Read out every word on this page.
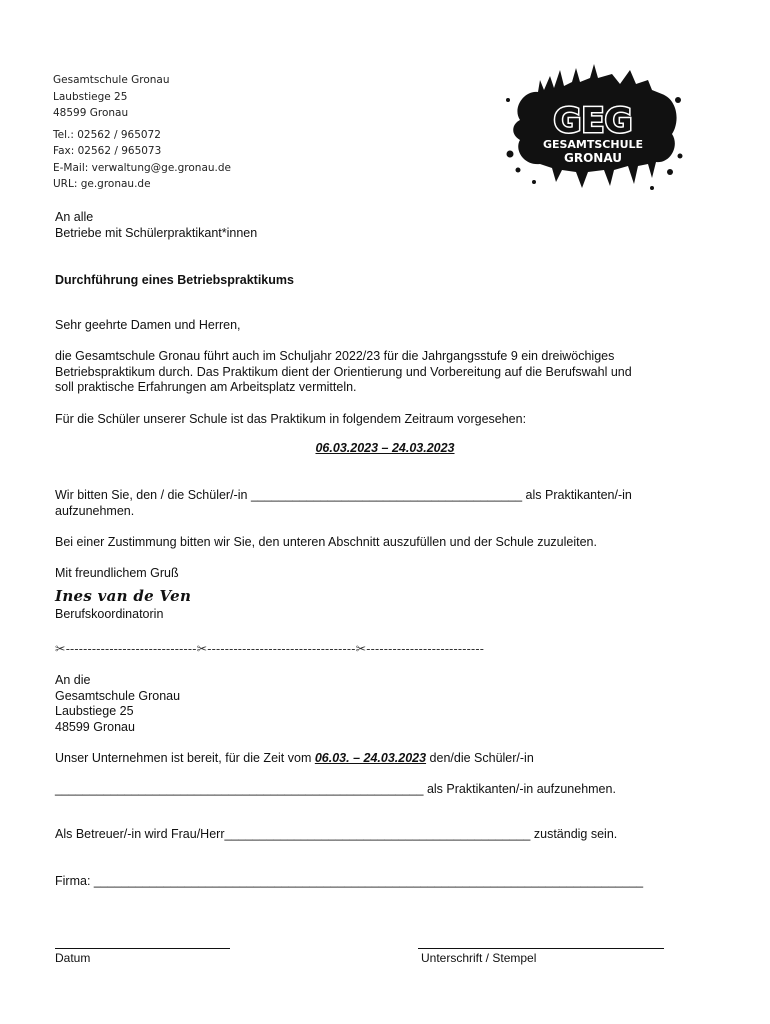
Gesamtschule Gronau
Laubstiege 25
48599 Gronau
Tel.: 02562 / 965072
Fax: 02562 / 965073
E-Mail: verwaltung@ge.gronau.de
URL: ge.gronau.de
GEG
GESAMTSCHULE
GRONAU
An alle
Betriebe mit Schülerpraktikant*innen
Durchführung eines Betriebspraktikums
Sehr geehrte Damen und Herren,
die Gesamtschule Gronau führt auch im Schuljahr 2022/23 für die Jahrgangsstufe 9 ein dreiwöchiges
Betriebspraktikum durch. Das Praktikum dient der Orientierung und Vorbereitung auf die Berufswahl und
soll praktische Erfahrungen am Arbeitsplatz vermitteln.
Für die Schüler unserer Schule ist das Praktikum in folgendem Zeitraum vorgesehen:
06.03.2023 – 24.03.2023
Wir bitten Sie, den / die Schüler/-in _______________________________________ als Praktikanten/-in
aufzunehmen.
Bei einer Zustimmung bitten wir Sie, den unteren Abschnitt auszufüllen und der Schule zuzuleiten.
Mit freundlichem Gruß
Ines van de Ven
Berufskoordinatorin
✂------------------------------✂----------------------------------✂---------------------------
An die
Gesamtschule Gronau
Laubstiege 25
48599 Gronau
Unser Unternehmen ist bereit, für die Zeit vom 06.03. – 24.03.2023 den/die Schüler/-in
_____________________________________________________ als Praktikanten/-in aufzunehmen.
Als Betreuer/-in wird Frau/Herr____________________________________________ zuständig sein.
Firma: _______________________________________________________________________________
Datum	Unterschrift / Stempel
